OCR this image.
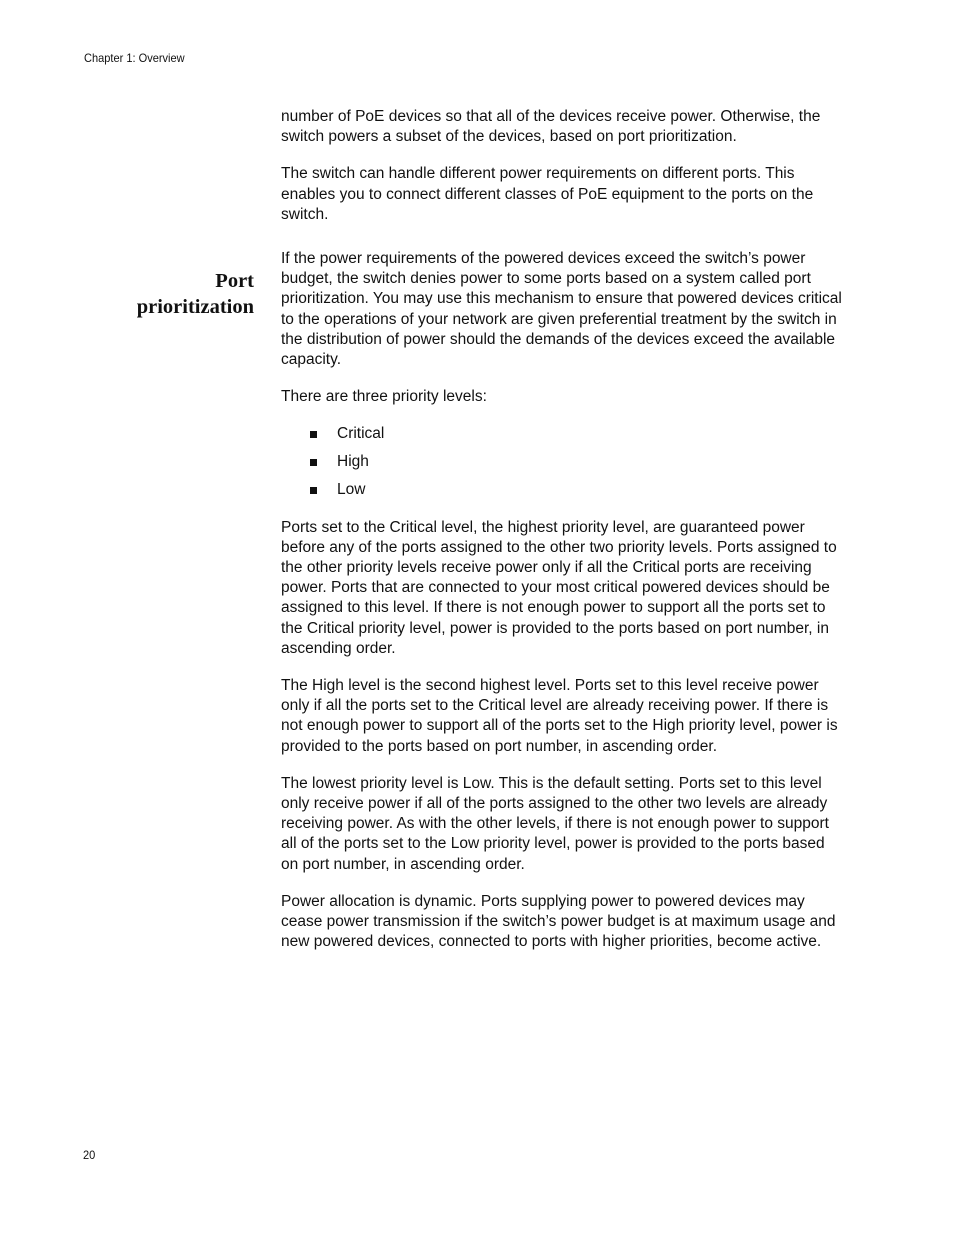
Chapter 1: Overview
Port
prioritization

number of PoE devices so that all of the devices receive power. Otherwise, the switch powers a subset of the devices, based on port prioritization.

The switch can handle different power requirements on different ports. This enables you to connect different classes of PoE equipment to the ports on the switch.

If the power requirements of the powered devices exceed the switch’s power budget, the switch denies power to some ports based on a system called port prioritization. You may use this mechanism to ensure that powered devices critical to the operations of your network are given preferential treatment by the switch in the distribution of power should the demands of the devices exceed the available capacity.

There are three priority levels:

Critical
High
Low

Ports set to the Critical level, the highest priority level, are guaranteed power before any of the ports assigned to the other two priority levels. Ports assigned to the other priority levels receive power only if all the Critical ports are receiving power. Ports that are connected to your most critical powered devices should be assigned to this level. If there is not enough power to support all the ports set to the Critical priority level, power is provided to the ports based on port number, in ascending order.

The High level is the second highest level. Ports set to this level receive power only if all the ports set to the Critical level are already receiving power. If there is not enough power to support all of the ports set to the High priority level, power is provided to the ports based on port number, in ascending order.

The lowest priority level is Low. This is the default setting. Ports set to this level only receive power if all of the ports assigned to the other two levels are already receiving power. As with the other levels, if there is not enough power to support all of the ports set to the Low priority level, power is provided to the ports based on port number, in ascending order.

Power allocation is dynamic. Ports supplying power to powered devices may cease power transmission if the switch’s power budget is at maximum usage and new powered devices, connected to ports with higher priorities, become active.

20
